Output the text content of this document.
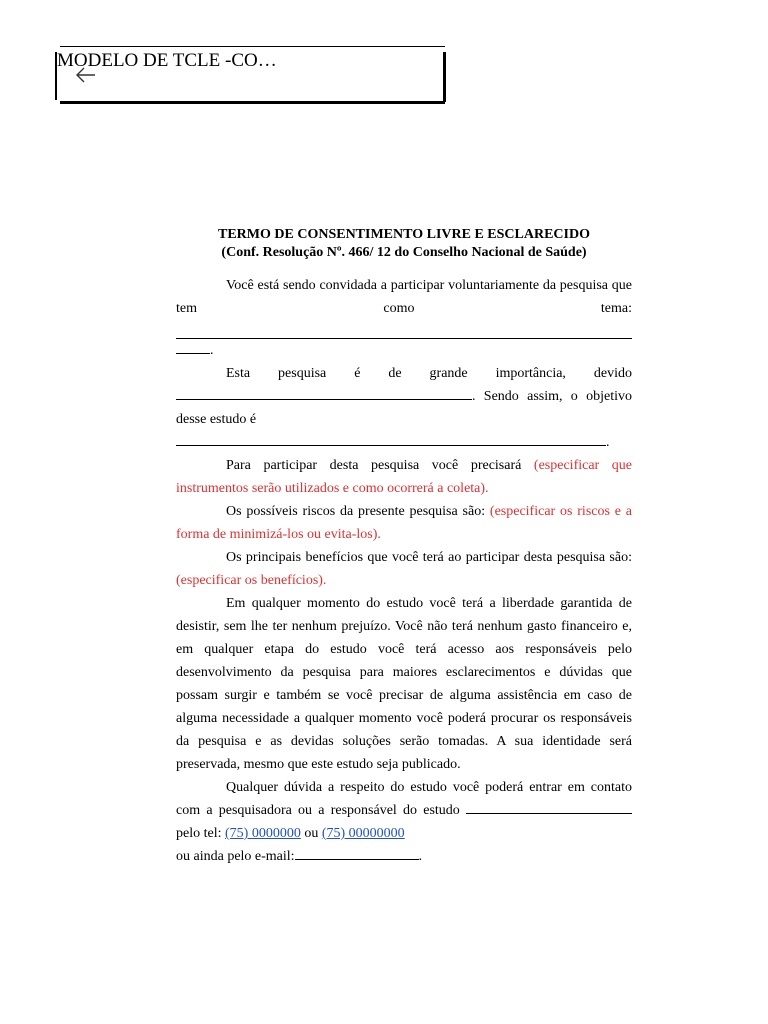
MODELO DE TCLE -CO…

TERMO DE CONSENTIMENTO LIVRE E ESCLARECIDO

(Conf. Resolução Nº. 466/ 12 do Conselho Nacional de Saúde)

Você está sendo convidada a participar voluntariamente da pesquisa que tem como tema:

.

Esta pesquisa é de grande importância, devido . Sendo assim, o objetivo desse estudo é

.

Para participar desta pesquisa você precisará (especificar que instrumentos serão utilizados e como ocorrerá a coleta).

Os possíveis riscos da presente pesquisa são: (especificar os riscos e a forma de minimizá-los ou evita-los).

Os principais benefícios que você terá ao participar desta pesquisa são: (especificar os benefícios).

Em qualquer momento do estudo você terá a liberdade garantida de desistir, sem lhe ter nenhum prejuízo. Você não terá nenhum gasto financeiro e, em qualquer etapa do estudo você terá acesso aos responsáveis pelo desenvolvimento da pesquisa para maiores esclarecimentos e dúvidas que possam surgir e também se você precisar de alguma assistência em caso de alguma necessidade a qualquer momento você poderá procurar os responsáveis da pesquisa e as devidas soluções serão tomadas. A sua identidade será preservada, mesmo que este estudo seja publicado.

Qualquer dúvida a respeito do estudo você poderá entrar em contato com a pesquisadora ou a responsável do estudo  pelo tel: (75) 0000000 ou (75) 00000000

ou ainda pelo e-mail:	.
